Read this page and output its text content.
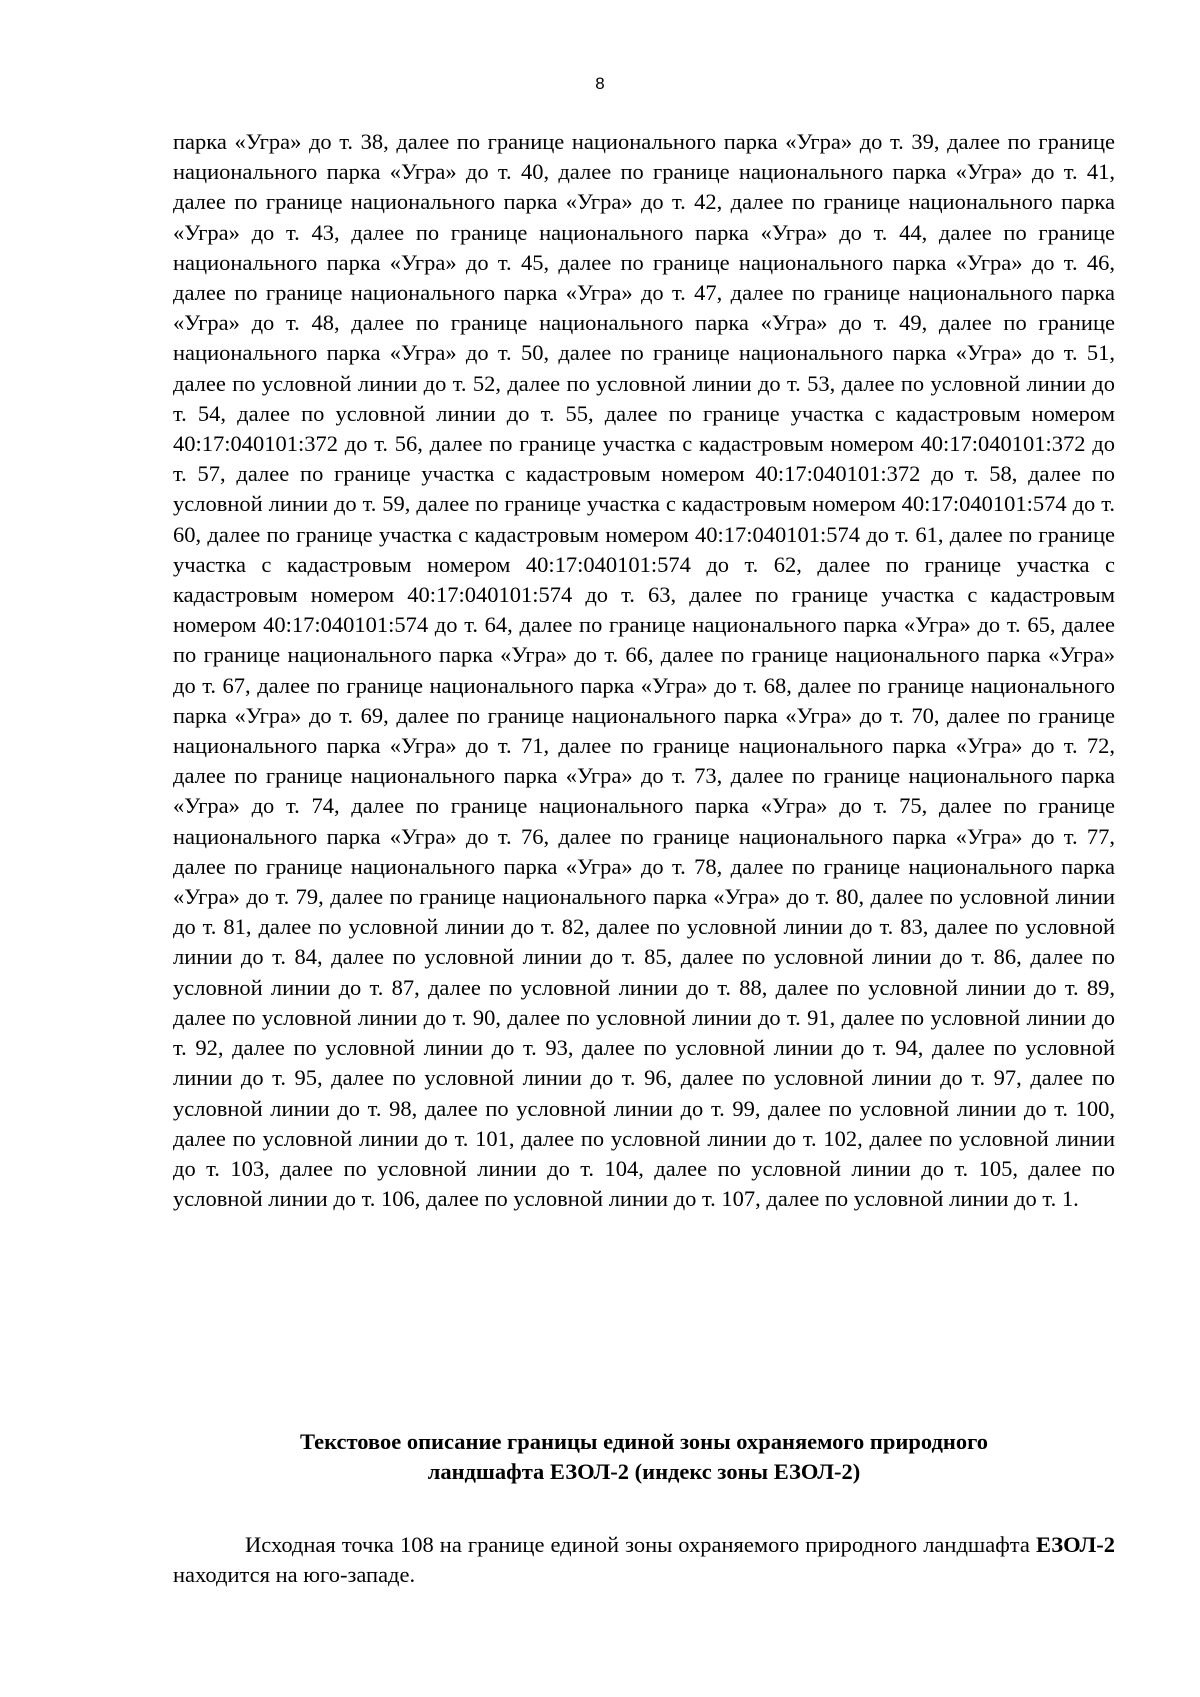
8
парка «Угра» до т. 38, далее по границе национального парка «Угра» до т. 39, далее по границе национального парка «Угра» до т. 40, далее по границе национального парка «Угра» до т. 41, далее по границе национального парка «Угра» до т. 42, далее по границе национального парка «Угра» до т. 43, далее по границе национального парка «Угра» до т. 44, далее по границе национального парка «Угра» до т. 45, далее по границе национального парка «Угра» до т. 46, далее по границе национального парка «Угра» до т. 47, далее по границе национального парка «Угра» до т. 48, далее по границе национального парка «Угра» до т. 49, далее по границе национального парка «Угра» до т. 50, далее по границе национального парка «Угра» до т. 51, далее по условной линии до т. 52, далее по условной линии до т. 53, далее по условной линии до т. 54, далее по условной линии до т. 55, далее по границе участка с кадастровым номером 40:17:040101:372 до т. 56, далее по границе участка с кадастровым номером 40:17:040101:372 до т. 57, далее по границе участка с кадастровым номером 40:17:040101:372 до т. 58, далее по условной линии до т. 59, далее по границе участка с кадастровым номером 40:17:040101:574 до т. 60, далее по границе участка с кадастровым номером 40:17:040101:574 до т. 61, далее по границе участка с кадастровым номером 40:17:040101:574 до т. 62, далее по границе участка с кадастровым номером 40:17:040101:574 до т. 63, далее по границе участка с кадастровым номером 40:17:040101:574 до т. 64, далее по границе национального парка «Угра» до т. 65, далее по границе национального парка «Угра» до т. 66, далее по границе национального парка «Угра» до т. 67, далее по границе национального парка «Угра» до т. 68, далее по границе национального парка «Угра» до т. 69, далее по границе национального парка «Угра» до т. 70, далее по границе национального парка «Угра» до т. 71, далее по границе национального парка «Угра» до т. 72, далее по границе национального парка «Угра» до т. 73, далее по границе национального парка «Угра» до т. 74, далее по границе национального парка «Угра» до т. 75, далее по границе национального парка «Угра» до т. 76, далее по границе национального парка «Угра» до т. 77, далее по границе национального парка «Угра» до т. 78, далее по границе национального парка «Угра» до т. 79, далее по границе национального парка «Угра» до т. 80, далее по условной линии до т. 81, далее по условной линии до т. 82, далее по условной линии до т. 83, далее по условной линии до т. 84, далее по условной линии до т. 85, далее по условной линии до т. 86, далее по условной линии до т. 87, далее по условной линии до т. 88, далее по условной линии до т. 89, далее по условной линии до т. 90, далее по условной линии до т. 91, далее по условной линии до т. 92, далее по условной линии до т. 93, далее по условной линии до т. 94, далее по условной линии до т. 95, далее по условной линии до т. 96, далее по условной линии до т. 97, далее по условной линии до т. 98, далее по условной линии до т. 99, далее по условной линии до т. 100, далее по условной линии до т. 101, далее по условной линии до т. 102, далее по условной линии до т. 103, далее по условной линии до т. 104, далее по условной линии до т. 105, далее по условной линии до т. 106, далее по условной линии до т. 107, далее по условной линии до т. 1.
Текстовое описание границы единой зоны охраняемого природного
ландшафта ЕЗОЛ-2 (индекс зоны ЕЗОЛ-2)
Исходная точка 108 на границе единой зоны охраняемого природного ландшафта ЕЗОЛ-2 находится на юго-западе.
